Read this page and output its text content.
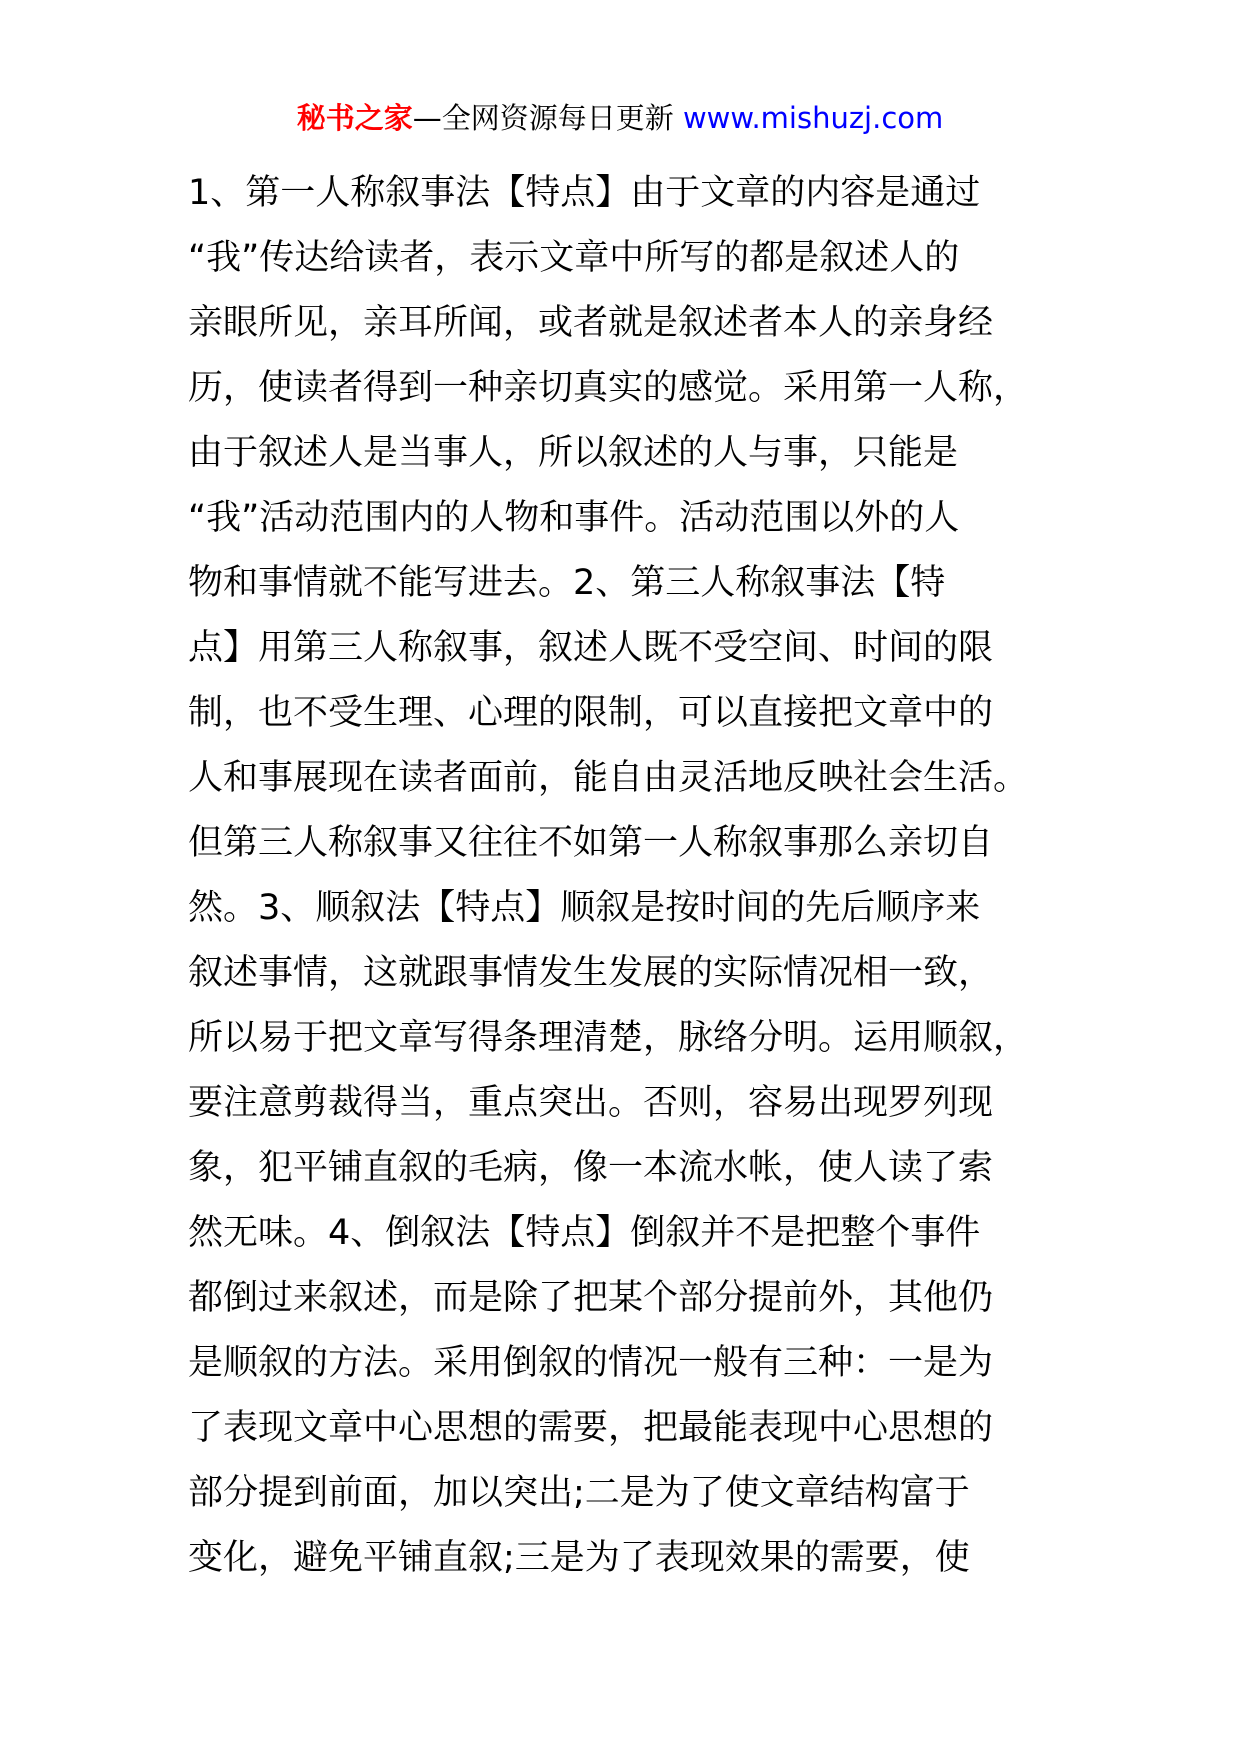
秘书之家—全网资源每日更新 www.mishuzj.com
1、第一人称叙事法【特点】由于文章的内容是通过
“我”传达给读者，表示文章中所写的都是叙述人的
亲眼所见，亲耳所闻，或者就是叙述者本人的亲身经
历，使读者得到一种亲切真实的感觉。采用第一人称，
由于叙述人是当事人，所以叙述的人与事，只能是
“我”活动范围内的人物和事件。活动范围以外的人
物和事情就不能写进去。2、第三人称叙事法【特
点】用第三人称叙事，叙述人既不受空间、时间的限
制，也不受生理、心理的限制，可以直接把文章中的
人和事展现在读者面前，能自由灵活地反映社会生活。
但第三人称叙事又往往不如第一人称叙事那么亲切自
然。3、顺叙法【特点】顺叙是按时间的先后顺序来
叙述事情，这就跟事情发生发展的实际情况相一致，
所以易于把文章写得条理清楚，脉络分明。运用顺叙，
要注意剪裁得当，重点突出。否则，容易出现罗列现
象，犯平铺直叙的毛病，像一本流水帐，使人读了索
然无味。4、倒叙法【特点】倒叙并不是把整个事件
都倒过来叙述，而是除了把某个部分提前外，其他仍
是顺叙的方法。采用倒叙的情况一般有三种：一是为
了表现文章中心思想的需要，把最能表现中心思想的
部分提到前面，加以突出;二是为了使文章结构富于
变化，避免平铺直叙;三是为了表现效果的需要，使
